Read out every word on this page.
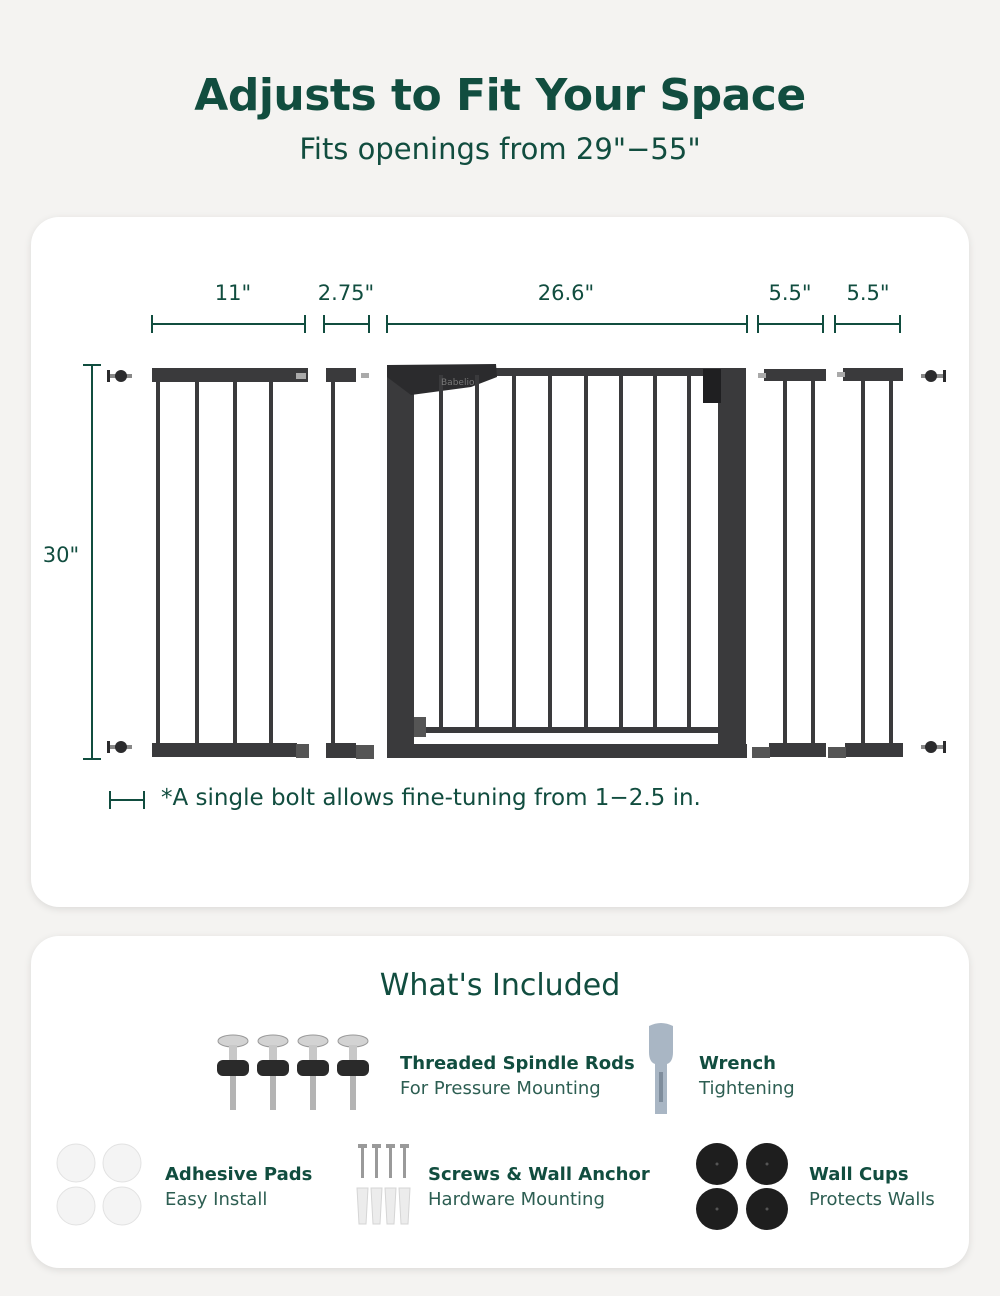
Adjusts to Fit Your Space
Fits openings from 29"−55"
11"	2.75"	26.6"	5.5"	5.5"
30"
Babelio
*A single bolt allows fine-tuning from 1−2.5 in.
What's Included
Threaded Spindle Rods
For Pressure Mounting
Wrench
Tightening
Adhesive Pads
Easy Install
Screws & Wall Anchor
Hardware Mounting
Wall Cups
Protects Walls
